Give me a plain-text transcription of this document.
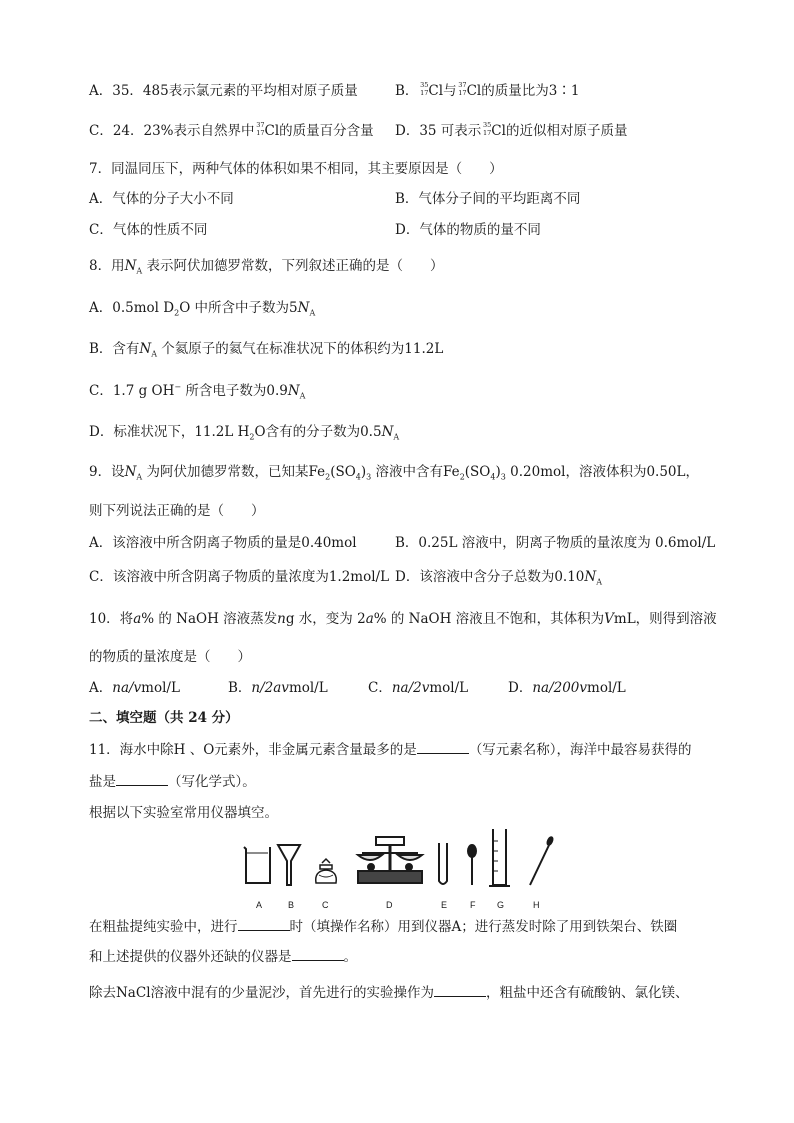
A．35．485表示氯元素的平均相对原子质量	B． 35
17 Cl与 37
17 Cl的质量比为3∶1
C．24．23%表示自然界中 37
17 Cl的质量百分含量 D．35 可表示 35
17 Cl的近似相对原子质量
7．同温同压下，两种气体的体积如果不相同，其主要原因是（　　）
A．气体的分子大小不同	B．气体分子间的平均距离不同
C．气体的性质不同	D．气体的物质的量不同
8．用$N_A$ 表示阿伏加德罗常数，下列叙述正确的是（　　）
A．0.5mol $D_2O$ 中所含中子数为$5N_A$
B．含有$N_A$ 个氦原子的氦气在标准状况下的体积约为11.2L
C．1.7 g OH− 所含电子数为$0.9N_A$
D．标准状况下，11.2L $H_2O$含有的分子数为$0.5N_A$
9．设$N_A$ 为阿伏加德罗常数，已知某$Fe_2(SO_4)_3$ 溶液中含有$Fe_2(SO_4)_3$ 0.20mol，溶液体积为0.50L，
则下列说法正确的是（　　）
A．该溶液中所含阴离子物质的量是0.40mol	B．0.25L 溶液中，阴离子物质的量浓度为 0.6mol/L
C．该溶液中所含阴离子物质的量浓度为1.2mol/L D．该溶液中含分子总数为$0.10N_A$
10．将a% 的 NaOH 溶液蒸发ng 水，变为 2a% 的 NaOH 溶液且不饱和，其体积为VmL，则得到溶液
的物质的量浓度是（　　）
A．na/vmol/L	B．n/2avmol/L	C．na/2vmol/L	D．na/200vmol/L
二、填空题（共 24 分）
11．海水中除H 、O元素外，非金属元素含量最多的是	（写元素名称），海洋中最容易获得的
盐是	（写化学式）。
根据以下实验室常用仪器填空。
A	B	C	D	E	F G	H
在粗盐提纯实验中，进行	时（填操作名称）用到仪器A；进行蒸发时除了用到铁架台、铁圈
和上述提供的仪器外还缺的仪器是	。
除去NaCl溶液中混有的少量泥沙，首先进行的实验操作为	，粗盐中还含有硫酸钠、氯化镁、
